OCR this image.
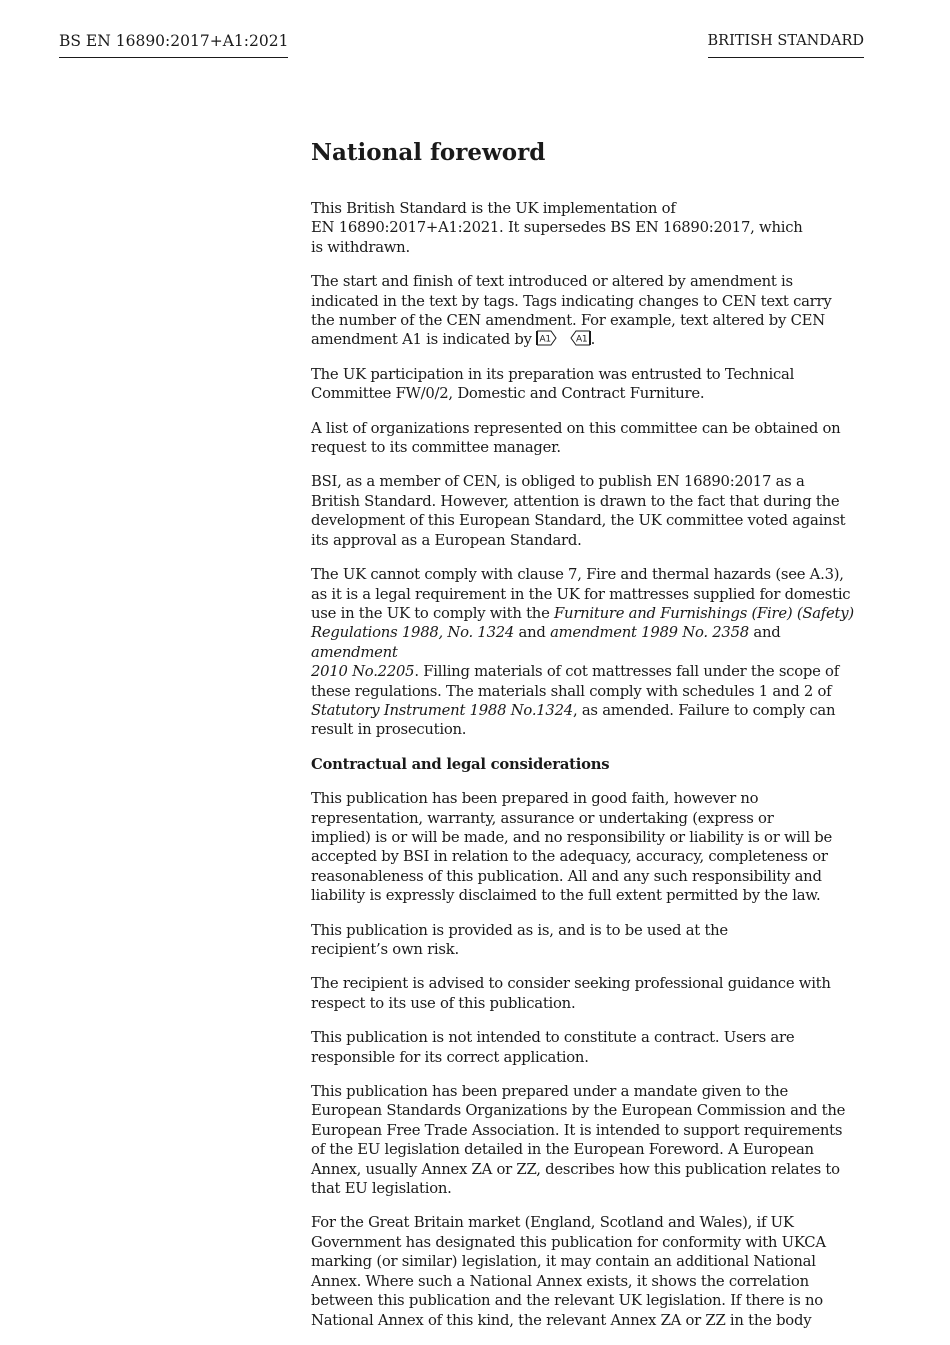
BS EN 16890:2017+A1:2021	BRITISH STANDARD
National foreword

This British Standard is the UK implementation of
EN 16890:2017+A1:2021. It supersedes BS EN 16890:2017, which
is withdrawn.

The start and finish of text introduced or altered by amendment is
indicated in the text by tags. Tags indicating changes to CEN text carry
the number of the CEN amendment. For example, text altered by CEN
amendment A1 is indicated by A1
	A1 .

The UK participation in its preparation was entrusted to Technical
Committee FW/0/2, Domestic and Contract Furniture.

A list of organizations represented on this committee can be obtained on
request to its committee manager.

BSI, as a member of CEN, is obliged to publish EN 16890:2017 as a
British Standard. However, attention is drawn to the fact that during the
development of this European Standard, the UK committee voted against
its approval as a European Standard.

The UK cannot comply with clause 7, Fire and thermal hazards (see A.3),
as it is a legal requirement in the UK for mattresses supplied for domestic
use in the UK to comply with the Furniture and Furnishings (Fire) (Safety)
Regulations 1988, No. 1324 and amendment 1989 No. 2358 and amendment
2010 No.2205. Filling materials of cot mattresses fall under the scope of
these regulations. The materials shall comply with schedules 1 and 2 of
Statutory Instrument 1988 No.1324, as amended. Failure to comply can
result in prosecution.

Contractual and legal considerations

This publication has been prepared in good faith, however no
representation, warranty, assurance or undertaking (express or
implied) is or will be made, and no responsibility or liability is or will be
accepted by BSI in relation to the adequacy, accuracy, completeness or
reasonableness of this publication. All and any such responsibility and
liability is expressly disclaimed to the full extent permitted by the law.

This publication is provided as is, and is to be used at the
recipient’s own risk.

The recipient is advised to consider seeking professional guidance with
respect to its use of this publication.

This publication is not intended to constitute a contract. Users are
responsible for its correct application.

This publication has been prepared under a mandate given to the
European Standards Organizations by the European Commission and the
European Free Trade Association. It is intended to support requirements
of the EU legislation detailed in the European Foreword. A European
Annex, usually Annex ZA or ZZ, describes how this publication relates to
that EU legislation.

For the Great Britain market (England, Scotland and Wales), if UK
Government has designated this publication for conformity with UKCA
marking (or similar) legislation, it may contain an additional National
Annex. Where such a National Annex exists, it shows the correlation
between this publication and the relevant UK legislation. If there is no
National Annex of this kind, the relevant Annex ZA or ZZ in the body
